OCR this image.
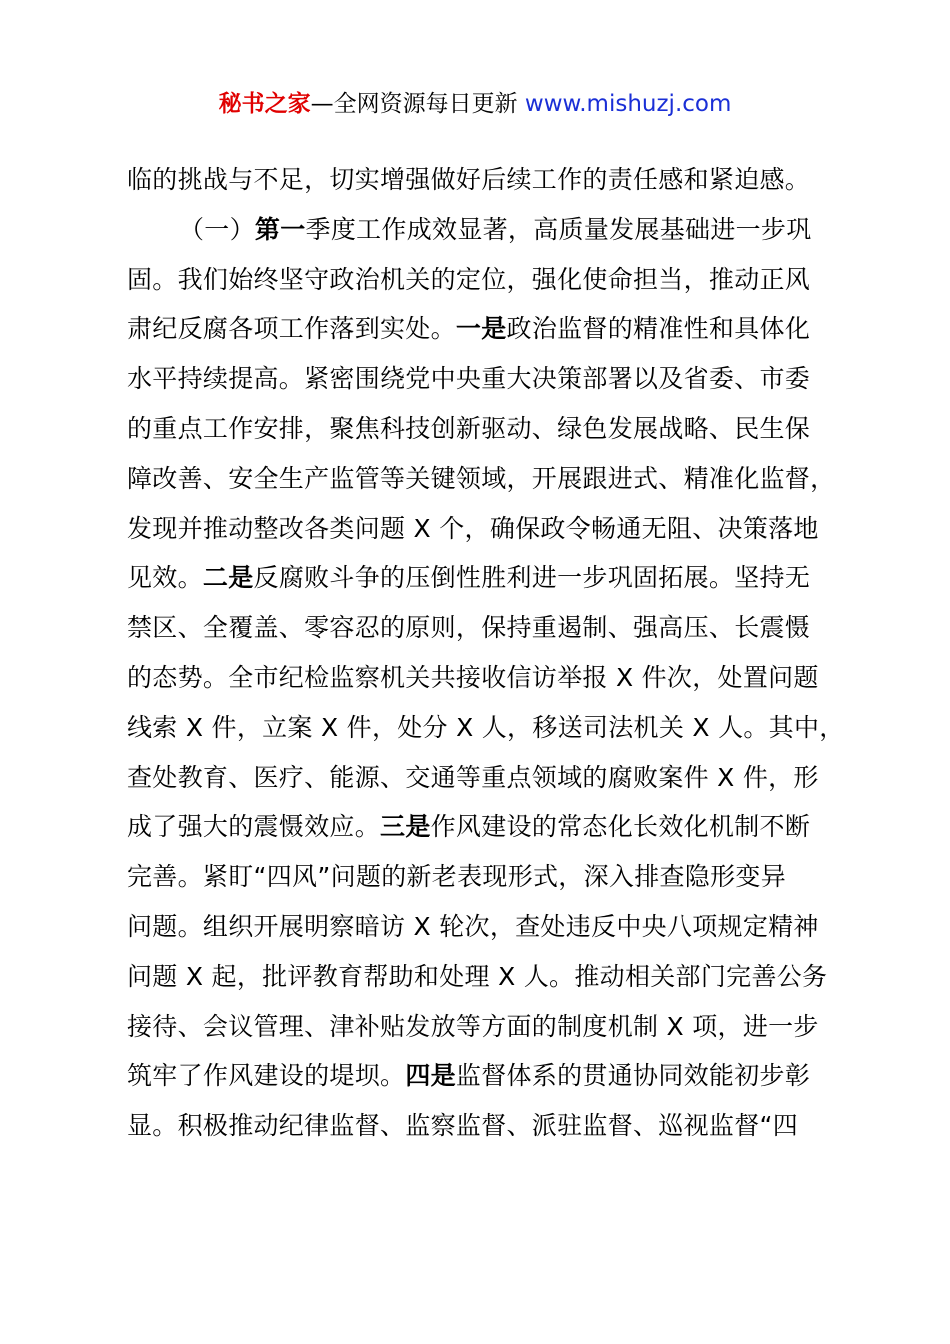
秘书之家—全网资源每日更新 www.mishuzj.com
临的挑战与不足，切实增强做好后续工作的责任感和紧迫感。
（一）第一季度工作成效显著，高质量发展基础进一步巩
固。我们始终坚守政治机关的定位，强化使命担当，推动正风
肃纪反腐各项工作落到实处。一是政治监督的精准性和具体化
水平持续提高。紧密围绕党中央重大决策部署以及省委、市委
的重点工作安排，聚焦科技创新驱动、绿色发展战略、民生保
障改善、安全生产监管等关键领域，开展跟进式、精准化监督，
发现并推动整改各类问题 X 个，确保政令畅通无阻、决策落地
见效。二是反腐败斗争的压倒性胜利进一步巩固拓展。坚持无
禁区、全覆盖、零容忍的原则，保持重遏制、强高压、长震慑
的态势。全市纪检监察机关共接收信访举报 X 件次，处置问题
线索 X 件，立案 X 件，处分 X 人，移送司法机关 X 人。其中，
查处教育、医疗、能源、交通等重点领域的腐败案件 X 件，形
成了强大的震慑效应。三是作风建设的常态化长效化机制不断
完善。紧盯“四风”问题的新老表现形式，深入排查隐形变异
问题。组织开展明察暗访 X 轮次，查处违反中央八项规定精神
问题 X 起，批评教育帮助和处理 X 人。推动相关部门完善公务
接待、会议管理、津补贴发放等方面的制度机制 X 项，进一步
筑牢了作风建设的堤坝。四是监督体系的贯通协同效能初步彰
显。积极推动纪律监督、监察监督、派驻监督、巡视监督“四
